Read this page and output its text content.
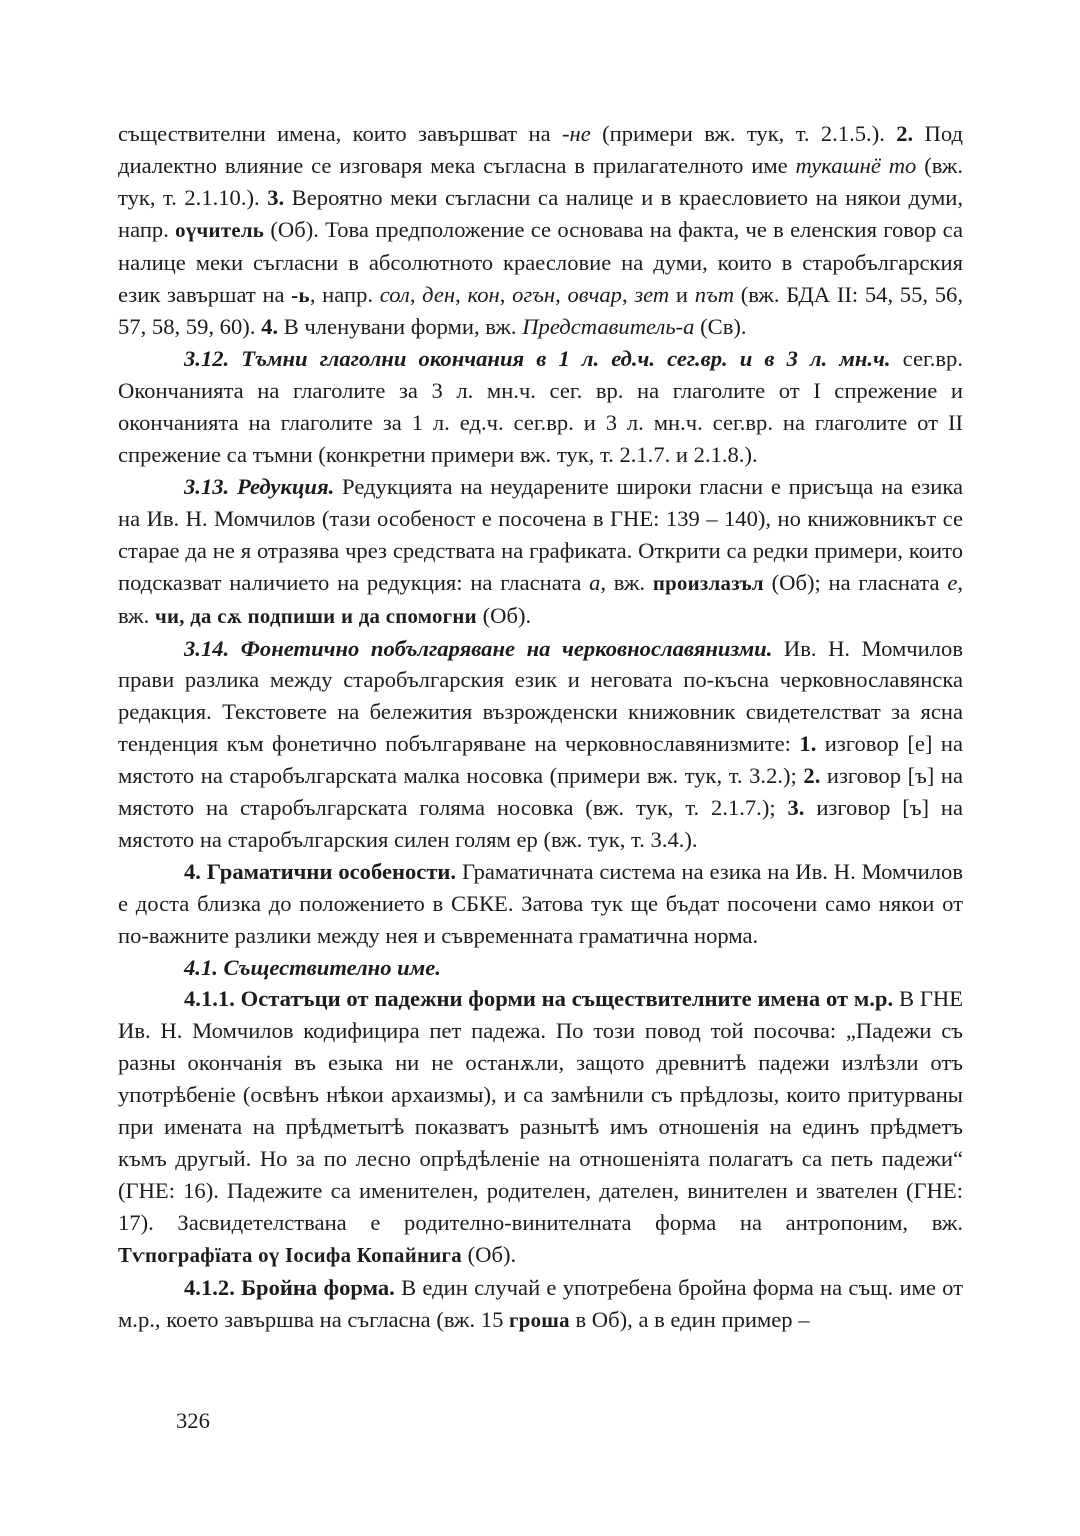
съществителни имена, които завършват на -не (примери вж. тук, т. 2.1.5.). 2. Под диалектно влияние се изговаря мека съгласна в прилагателното име тукашнё то (вж. тук, т. 2.1.10.). 3. Вероятно меки съгласни са налице и в краесловието на някои думи, напр. оүчитель (Об). Това предположение се основава на факта, че в еленския говор са налице меки съгласни в абсолютното краесловие на думи, които в старобългарския език завършат на -ь, напр. сол, ден, кон, огън, овчар, зет и път (вж. БДА II: 54, 55, 56, 57, 58, 59, 60). 4. В членувани форми, вж. Представитель-а (Св).

3.12. Тъмни глаголни окончания в 1 л. ед.ч. сег.вр. и в 3 л. мн.ч. сег.вр. Окончанията на глаголите за 3 л. мн.ч. сег. вр. на глаголите от I спрежение и окончанията на глаголите за 1 л. ед.ч. сег.вр. и 3 л. мн.ч. сег.вр. на глаголите от II спрежение са тъмни (конкретни примери вж. тук, т. 2.1.7. и 2.1.8.).

3.13. Редукция. Редукцията на неударените широки гласни е присъща на езика на Ив. Н. Момчилов (тази особеност е посочена в ГНЕ: 139 – 140), но книжовникът се старае да не я отразява чрез средствата на графиката. Открити са редки примери, които подсказват наличието на редукция: на гласната а, вж. произлазъл (Об); на гласната е, вж. чи, да сѫ подпиши и да спомогни (Об).

3.14. Фонетично побългаряване на черковнославянизми. Ив. Н. Момчилов прави разлика между старобългарския език и неговата по-късна черковнославянска редакция. Текстовете на бележития възрожденски книжовник свидетелстват за ясна тенденция към фонетично побългаряване на черковнославянизмите: 1. изговор [е] на мястото на старобългарската малка носовка (примери вж. тук, т. 3.2.); 2. изговор [ъ] на мястото на старобългарската голяма носовка (вж. тук, т. 2.1.7.); 3. изговор [ъ] на мястото на старобългарския силен голям ер (вж. тук, т. 3.4.).

4. Граматични особености. Граматичната система на езика на Ив. Н. Момчилов е доста близка до положението в СБКЕ. Затова тук ще бъдат посочени само някои от по-важните разлики между нея и съвременната граматична норма.

4.1. Съществително име.

4.1.1. Остатъци от падежни форми на съществителните имена от м.р. В ГНЕ Ив. Н. Момчилов кодифицира пет падежа. По този повод той посочва: „Падежи съ разны окончанія въ езыка ни не останѫли, защото древнитѣ падежи излѣзли отъ употрѣбеніе (освѣнъ нѣкои архаизмы), и са замѣнили съ прѣдлозы, които притурваны при имената на прѣдметытѣ показватъ разнытѣ имъ отношенія на единъ прѣдметъ къмъ другый. Но за по лесно опрѣдѣленіе на отношеніята полагатъ са петь падежи“ (ГНЕ: 16). Падежите са именителен, родителен, дателен, винителен и звателен (ГНЕ: 17). Засвидетелствана е родително-винителната форма на антропоним, вж. Тѵпографїата оү Іосифа Копайнига (Об).

4.1.2. Бройна форма. В един случай е употребена бройна форма на същ. име от м.р., което завършва на съгласна (вж. 15 гроша в Об), а в един пример –

326
